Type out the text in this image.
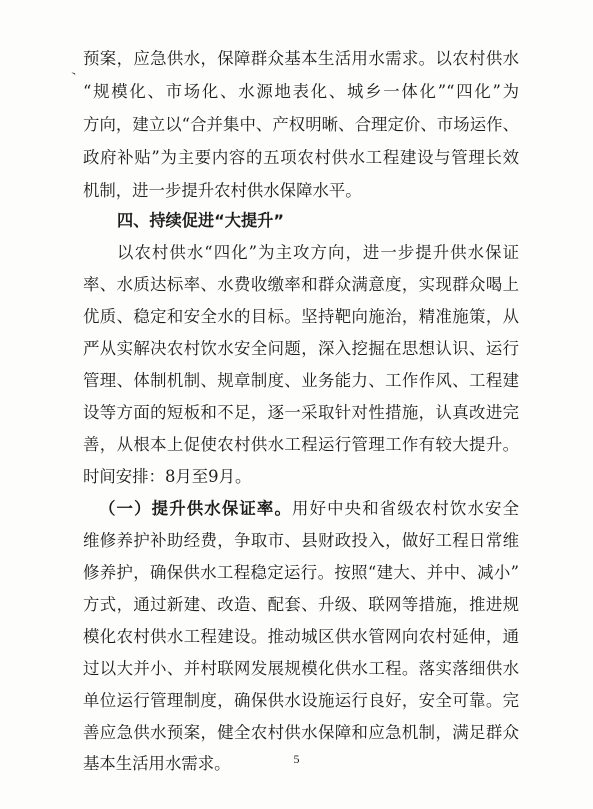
、
预案，应急供水，保障群众基本生活用水需求。以农村供水
“规模化、市场化、水源地表化、城乡一体化”“四化”为
方向，建立以“合并集中、产权明晰、合理定价、市场运作、
政府补贴”为主要内容的五项农村供水工程建设与管理长效
机制，进一步提升农村供水保障水平。
四、持续促进“大提升”
以农村供水“四化”为主攻方向，进一步提升供水保证
率、水质达标率、水费收缴率和群众满意度，实现群众喝上
优质、稳定和安全水的目标。坚持靶向施治，精准施策，从
严从实解决农村饮水安全问题，深入挖掘在思想认识、运行
管理、体制机制、规章制度、业务能力、工作作风、工程建
设等方面的短板和不足，逐一采取针对性措施，认真改进完
善，从根本上促使农村供水工程运行管理工作有较大提升。
时间安排：8月至9月。
（一）提升供水保证率。用好中央和省级农村饮水安全
维修养护补助经费，争取市、县财政投入，做好工程日常维
修养护，确保供水工程稳定运行。按照“建大、并中、减小”
方式，通过新建、改造、配套、升级、联网等措施，推进规
模化农村供水工程建设。推动城区供水管网向农村延伸，通
过以大并小、并村联网发展规模化供水工程。落实落细供水
单位运行管理制度，确保供水设施运行良好，安全可靠。完
善应急供水预案，健全农村供水保障和应急机制，满足群众
基本生活用水需求。	5
